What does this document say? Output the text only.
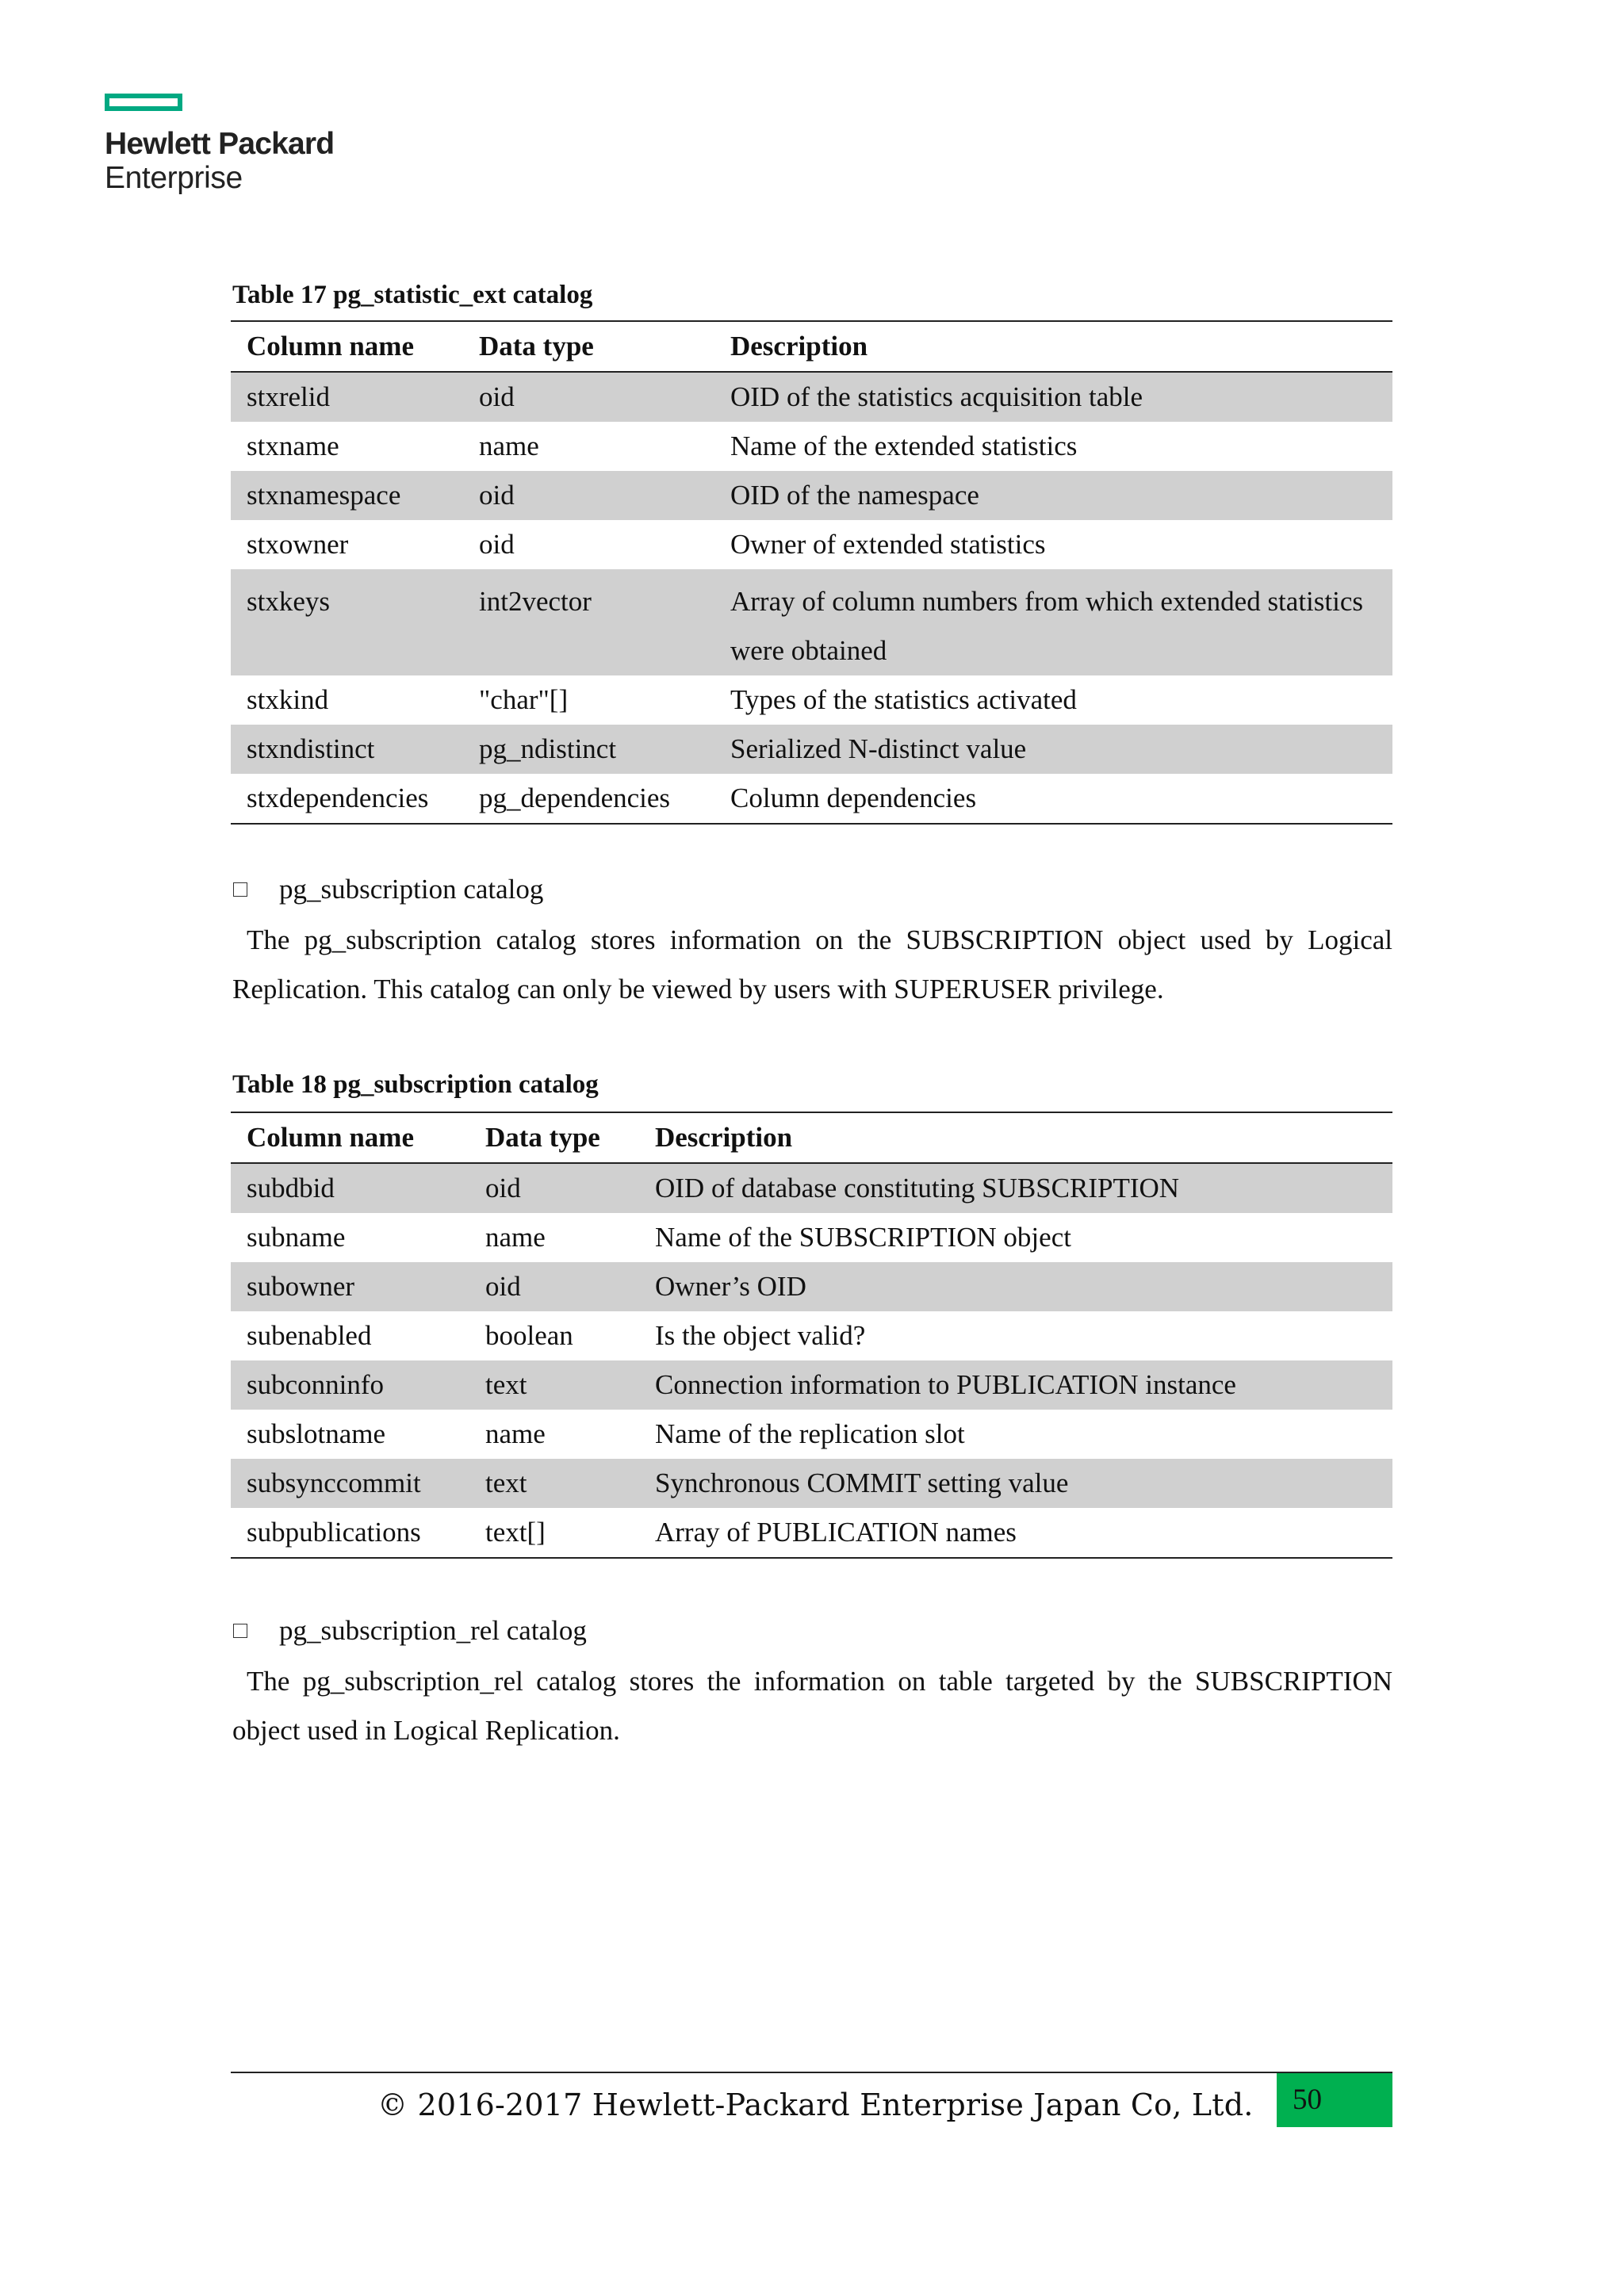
Hewlett Packard
Enterprise
Table 17 pg_statistic_ext catalog
Column name	Data type	Description
stxrelid	oid	OID of the statistics acquisition table
stxname	name	Name of the extended statistics
stxnamespace	oid	OID of the namespace
stxowner	oid	Owner of extended statistics
stxkeys	int2vector	Array of column numbers from which extended statistics were obtained
stxkind	"char"[]	Types of the statistics activated
stxndistinct	pg_ndistinct	Serialized N-distinct value
stxdependencies	pg_dependencies	Column dependencies
pg_subscription catalog
The pg_subscription catalog stores information on the SUBSCRIPTION object used by Logical Replication. This catalog can only be viewed by users with SUPERUSER privilege.
Table 18 pg_subscription catalog
Column name	Data type	Description
subdbid	oid	OID of database constituting SUBSCRIPTION
subname	name	Name of the SUBSCRIPTION object
subowner	oid	Owner’s OID
subenabled	boolean	Is the object valid?
subconninfo	text	Connection information to PUBLICATION instance
subslotname	name	Name of the replication slot
subsynccommit	text	Synchronous COMMIT setting value
subpublications	text[]	Array of PUBLICATION names
pg_subscription_rel catalog
The pg_subscription_rel catalog stores the information on table targeted by the SUBSCRIPTION object used in Logical Replication.
© 2016-2017 Hewlett-Packard Enterprise Japan Co, Ltd.	50
